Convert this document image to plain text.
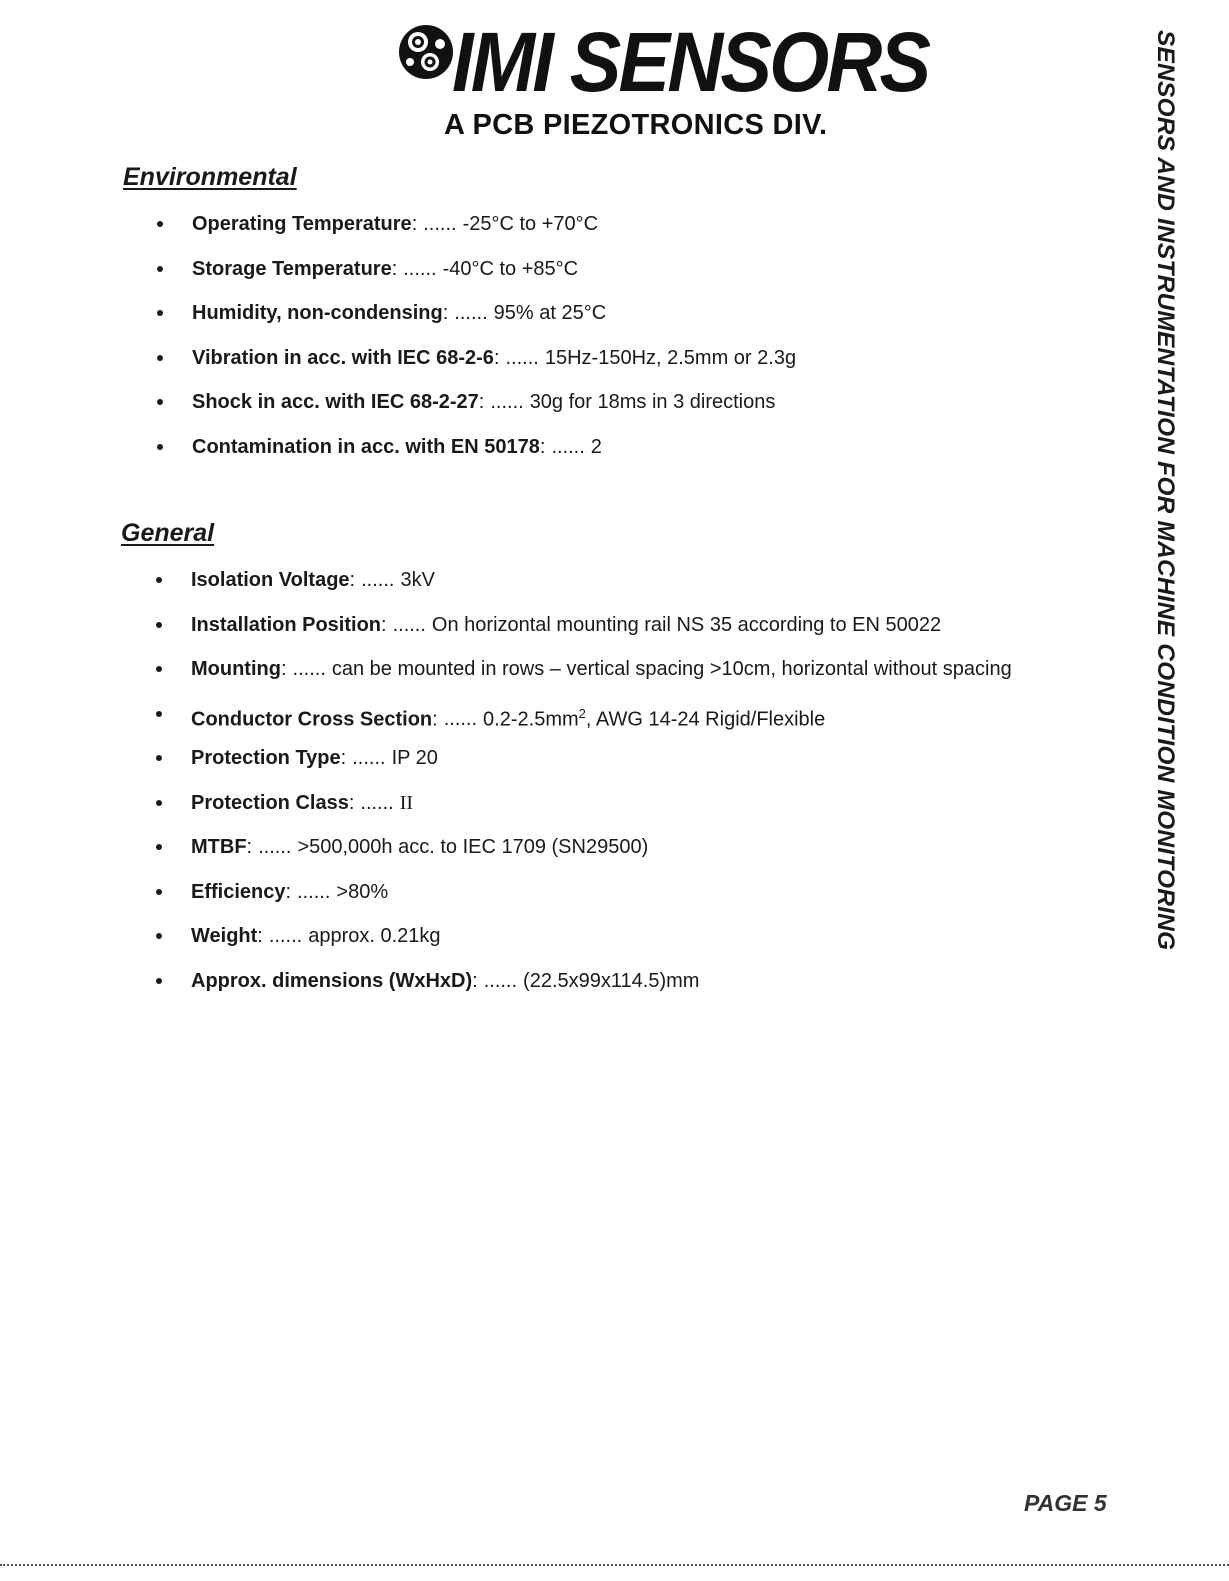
IMI SENSORS
A PCB PIEZOTRONICS DIV.
Environmental
Operating Temperature: ...... -25°C to +70°C
Storage Temperature: ...... -40°C to +85°C
Humidity, non-condensing: ...... 95% at 25°C
Vibration in acc. with IEC 68-2-6: ...... 15Hz-150Hz, 2.5mm or 2.3g
Shock in acc. with IEC 68-2-27: ...... 30g for 18ms in 3 directions
Contamination in acc. with EN 50178: ...... 2
General
Isolation Voltage: ...... 3kV
Installation Position: ...... On horizontal mounting rail NS 35 according to EN 50022
Mounting: ...... can be mounted in rows – vertical spacing >10cm, horizontal without spacing
Conductor Cross Section: ...... $0.2-2.5mm^2$, AWG 14-24 Rigid/Flexible
Protection Type: ...... IP 20
Protection Class: ...... II
MTBF: ...... >500,000h acc. to IEC 1709 (SN29500)
Efficiency: ...... >80%
Weight: ...... approx. 0.21kg
Approx. dimensions (WxHxD): ...... (22.5x99x114.5)mm
SENSORS AND INSTRUMENTATION FOR MACHINE CONDITION MONITORING
PAGE 5
